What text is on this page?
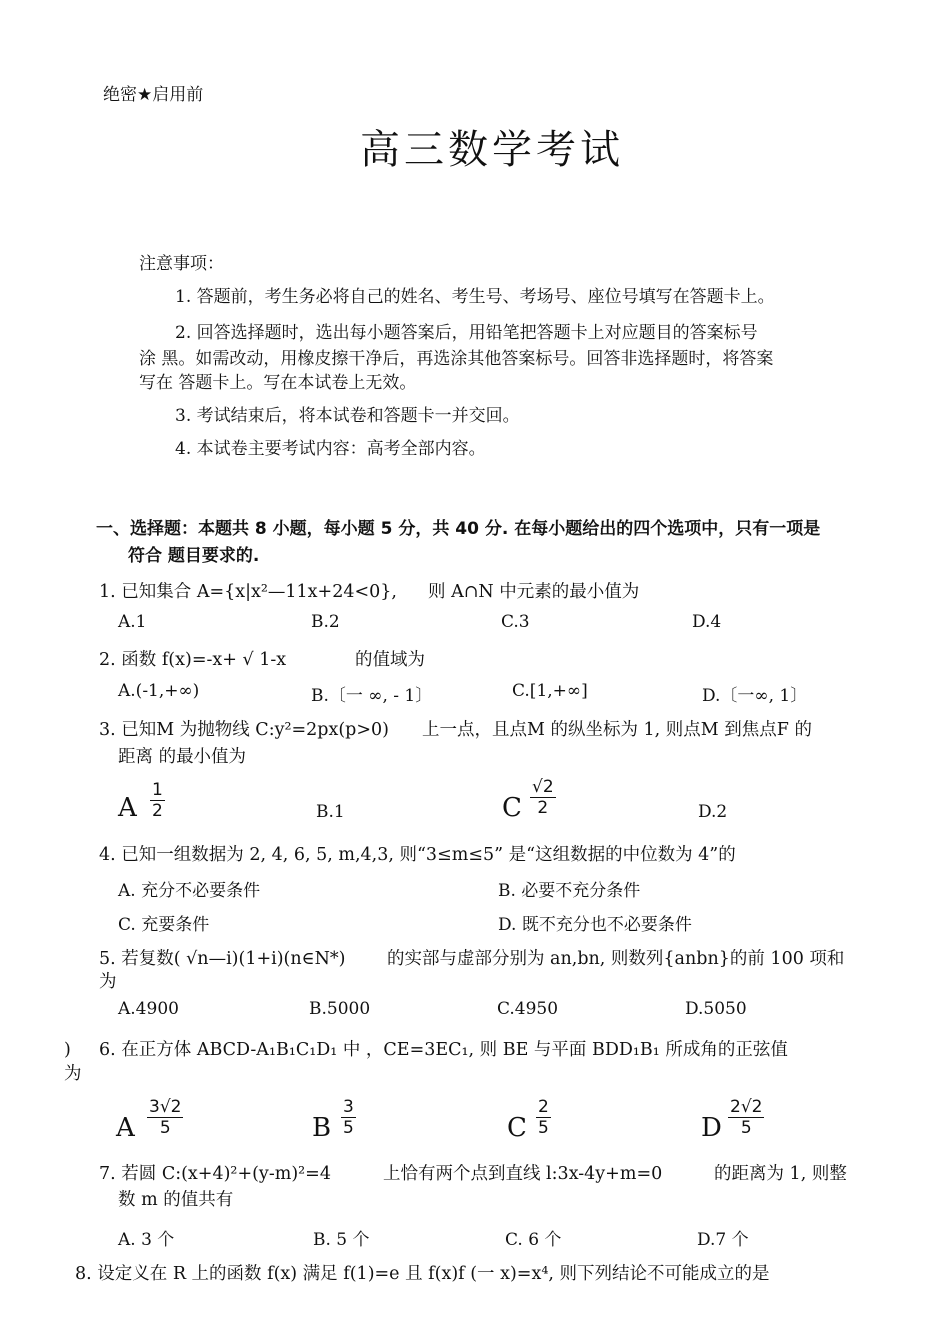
绝密★启用前
高三数学考试
注意事项：
1. 答题前，考生务必将自己的姓名、考生号、考场号、座位号填写在答题卡上。
2. 回答选择题时，选出每小题答案后，用铅笔把答题卡上对应题目的答案标号
涂 黑。如需改动，用橡皮擦干净后，再选涂其他答案标号。回答非选择题时，将答案
写在 答题卡上。写在本试卷上无效。
3. 考试结束后，将本试卷和答题卡一并交回。
4. 本试卷主要考试内容：高考全部内容。
一、选择题：本题共 8 小题，每小题 5 分，共 40 分. 在每小题给出的四个选项中，只有一项是
符合 题目要求的.
1. 已知集合 A={x|x²—11x+24<0}, 则 A∩N 中元素的最小值为
A.1	B.2	C.3	D.4
2. 函数 f(x)=-x+ √ 1-x	的值域为
A.(-1,+∞)	B.〔一 ∞, - 1〕	C.[1,+∞]	D.〔一∞, 1〕
3. 已知M 为抛物线 C:y²=2px(p>0) 上一点，且点M 的纵坐标为 1, 则点M 到焦点F 的
距离 的最小值为
A $\frac{1}{2}$	B.1	C $\frac{√2}{2}$	D.2
4. 已知一组数据为 2, 4, 6, 5, m,4,3, 则“3≤m≤5” 是“这组数据的中位数为 4”的
A. 充分不必要条件	B. 必要不充分条件
C. 充要条件	D. 既不充分也不必要条件
5. 若复数( √n—i)(1+i)(n∈N*) 的实部与虚部分别为 an,bn, 则数列{anbn}的前 100 项和
为
A.4900	B.5000	C.4950	D.5050
) 6. 在正方体 ABCD-A₁B₁C₁D₁ 中 ，CE=3EC₁, 则 BE 与平面 BDD₁B₁ 所成角的正弦值
为
A $\frac{3√2}{5}$	B $\frac{3}{5}$	C $\frac{2}{5}$	D $\frac{2√2}{5}$
7. 若圆 C:(x+4)²+(y-m)²=4	上恰有两个点到直线 l:3x-4y+m=0	的距离为 1, 则整
数 m 的值共有
A. 3 个	B. 5 个	C. 6 个	D.7 个
8. 设定义在 R 上的函数 f(x) 满足 f(1)=e 且 f(x)f (一 x)=x⁴, 则下列结论不可能成立的是
